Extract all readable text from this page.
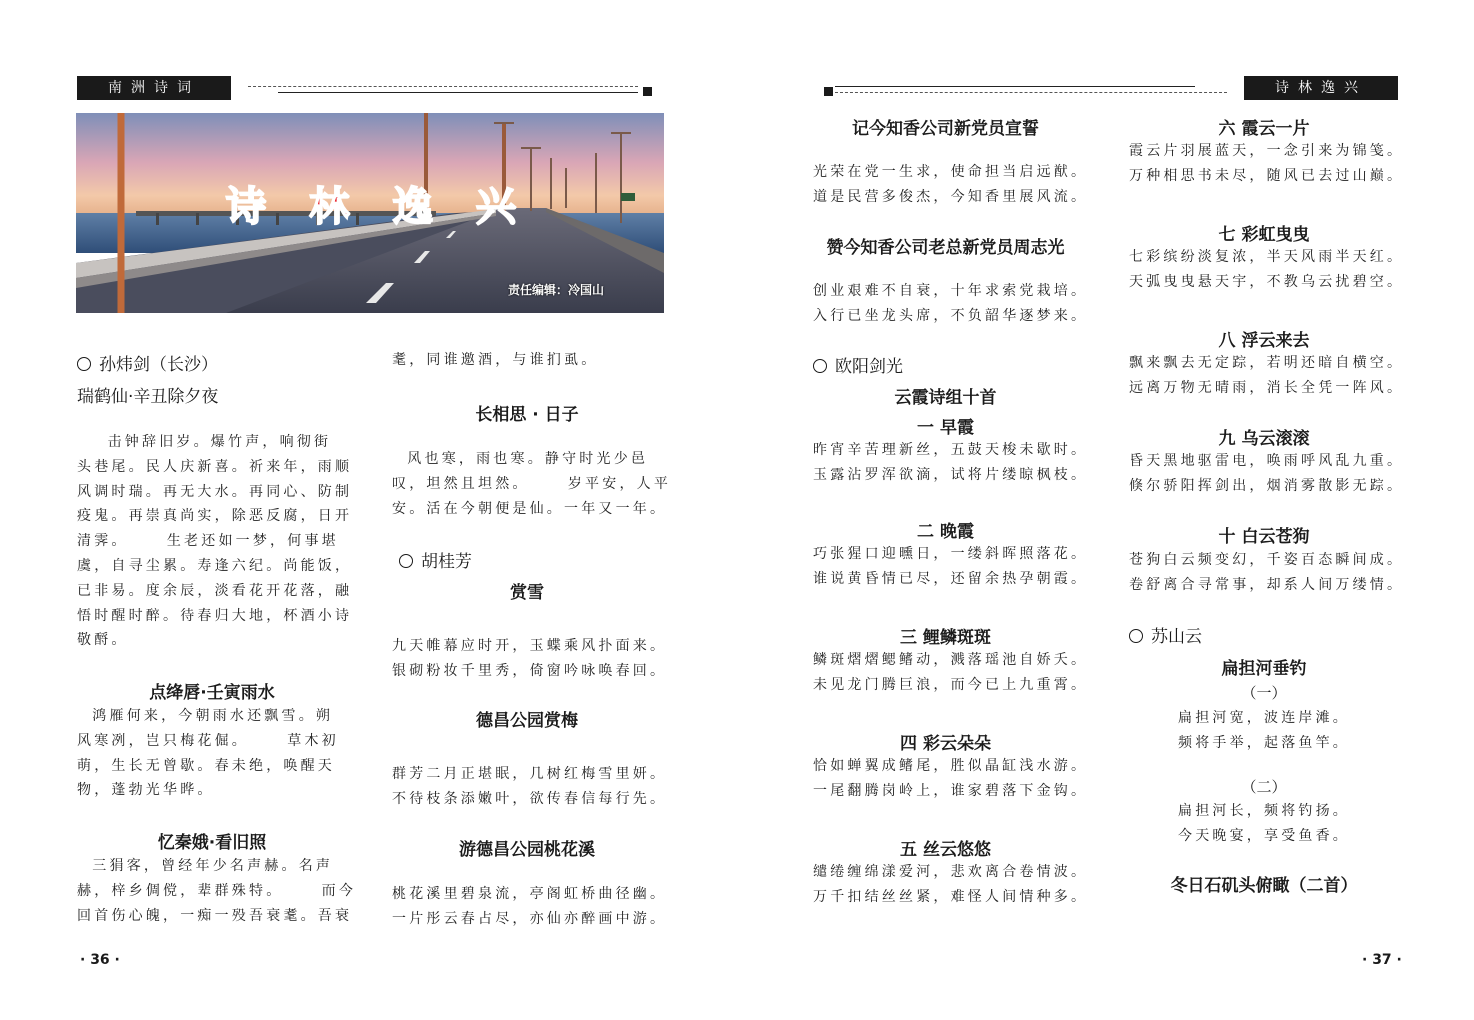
南洲诗词
诗 林 逸 兴
责任编辑：冷国山
孙炜剑（长沙）
瑞鹤仙·辛丑除夕夜
击钟辞旧岁。爆竹声，响彻街
头巷尾。民人庆新喜。祈来年，雨顺
风调时瑞。再无大水。再同心、防制
疫鬼。再崇真尚实，除恶反腐，日开
清霁。     生老还如一梦，何事堪
虞，自寻尘累。寿逢六纪。尚能饭，
已非易。度余辰，淡看花开花落，融
悟时醒时醉。待春归大地，杯酒小诗
敬酹。
点绛唇·壬寅雨水
鸿雁何来，今朝雨水还飘雪。朔
风寒冽，岂只梅花倔。     草木初
萌，生长无曾歇。春未绝，唤醒天
物，蓬勃光华晔。
忆秦娥·看旧照
三狷客，曾经年少名声赫。名声
赫，梓乡倜傥，辈群殊特。     而今
回首伤心魄，一痴一殁吾衰耄。吾衰
耄，同谁邀酒，与谁扪虱。
长相思 · 日子
风也寒，雨也寒。静守时光少邑
叹，坦然且坦然。     岁平安，人平
安。活在今朝便是仙。一年又一年。
胡桂芳
赏雪
九天帷幕应时开，玉蝶乘风扑面来。
银砌粉妆千里秀，倚窗吟咏唤春回。
德昌公园赏梅
群芳二月正堪眠，几树红梅雪里妍。
不待枝条添嫩叶，欲传春信每行先。
游德昌公园桃花溪
桃花溪里碧泉流，亭阁虹桥曲径幽。
一片彤云春占尽，亦仙亦醉画中游。
· 36 ·
诗林逸兴
记今知香公司新党员宣誓
光荣在党一生求，使命担当启远猷。
道是民营多俊杰，今知香里展风流。
赞今知香公司老总新党员周志光
创业艰难不自衰，十年求索党栽培。
入行已坐龙头席，不负韶华逐梦来。
欧阳剑光
云霞诗组十首
一 早霞
昨宵辛苦理新丝，五鼓天梭未歇时。
玉露沾罗浑欲滴，试将片缕晾枫枝。
二 晚霞
巧张猩口迎曛日，一缕斜晖照落花。
谁说黄昏情已尽，还留余热孕朝霞。
三 鲤鳞斑斑
鳞斑熠熠鳃鳍动，溅落瑶池自娇夭。
未见龙门腾巨浪，而今已上九重霄。
四 彩云朵朵
恰如蝉翼成鳍尾，胜似晶缸浅水游。
一尾翻腾岗岭上，谁家碧落下金钩。
五 丝云悠悠
缱绻缠绵漾爱河，悲欢离合卷情波。
万千扣结丝丝紧，难怪人间情种多。
六 霞云一片
霞云片羽展蓝天，一念引来为锦笺。
万种相思书未尽，随风已去过山巅。
七 彩虹曳曳
七彩缤纷淡复浓，半天风雨半天红。
天弧曳曳悬天宇，不教乌云扰碧空。
八 浮云来去
飘来飘去无定踪，若明还暗自横空。
远离万物无晴雨，消长全凭一阵风。
九 乌云滚滚
昏天黑地驱雷电，唤雨呼风乱九重。
倏尔骄阳挥剑出，烟消雾散影无踪。
十 白云苍狗
苍狗白云频变幻，千姿百态瞬间成。
卷舒离合寻常事，却系人间万缕情。
苏山云
扁担河垂钓
（一）
扁担河宽，波连岸滩。
频将手举，起落鱼竿。
（二）
扁担河长，频将钓扬。
今天晚宴，享受鱼香。
冬日石矶头俯瞰（二首）
· 37 ·
